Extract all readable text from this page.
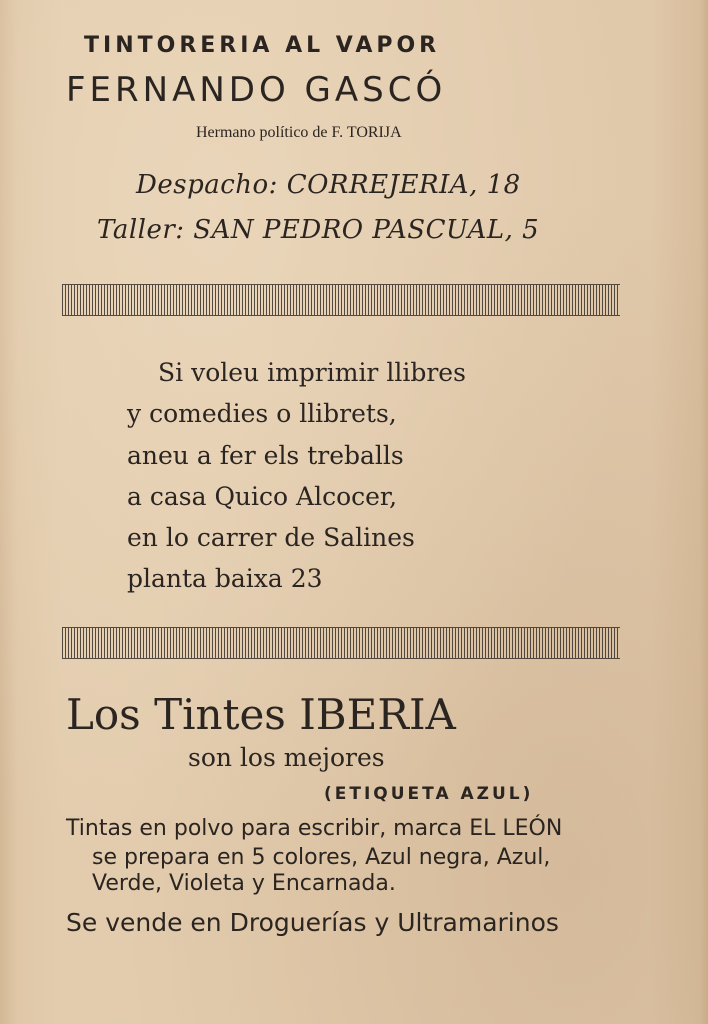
TINTORERIA AL VAPOR
FERNANDO GASCÓ
Hermano político de F. TORIJA
Despacho: CORREJERIA, 18
Taller: SAN PEDRO PASCUAL, 5
Si voleu imprimir llibres
y comedies o llibrets,
aneu a fer els treballs
a casa Quico Alcocer,
en lo carrer de Salines
planta baixa 23
Los Tintes IBERIA
son los mejores
(ETIQUETA AZUL)
Tintas en polvo para escribir, marca EL LEÓN
se prepara en 5 colores, Azul negra, Azul,
Verde, Violeta y Encarnada.
Se vende en Droguerías y Ultramarinos
